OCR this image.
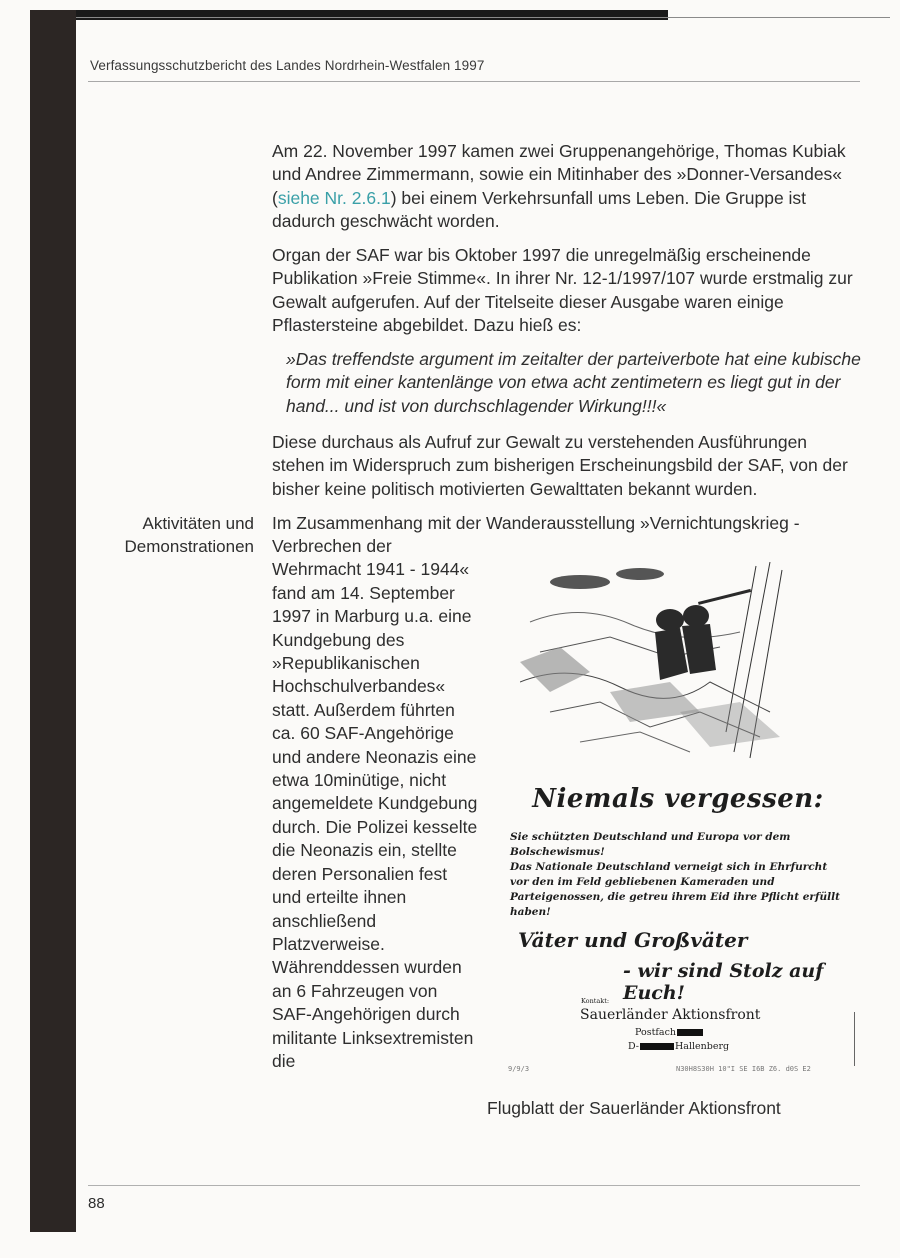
Verfassungsschutzbericht des Landes Nordrhein-Westfalen 1997

Am 22. November 1997 kamen zwei Gruppenangehörige, Thomas Kubiak und Andree Zimmermann, sowie ein Mitinhaber des »Donner-Versandes« (siehe Nr. 2.6.1) bei einem Verkehrsunfall ums Leben. Die Gruppe ist dadurch geschwächt worden.

Organ der SAF war bis Oktober 1997 die unregelmäßig erscheinende Publikation »Freie Stimme«. In ihrer Nr. 12-1/1997/107 wurde erstmalig zur Gewalt aufgerufen. Auf der Titelseite dieser Ausgabe waren einige Pflastersteine abgebildet. Dazu hieß es:

»Das treffendste argument im zeitalter der parteiverbote hat eine kubische form mit einer kantenlänge von etwa acht zentimetern es liegt gut in der hand... und ist von durchschlagender Wirkung!!!«

Diese durchaus als Aufruf zur Gewalt zu verstehenden Ausführungen stehen im Widerspruch zum bisherigen Erscheinungsbild der SAF, von der bisher keine politisch motivierten Gewalttaten bekannt wurden.

Im Zusammenhang mit der Wanderausstellung »Vernichtungskrieg -

Verbrechen der Wehrmacht 1941 - 1944« fand am 14. September 1997 in Marburg u.a. eine Kundgebung des »Republikanischen Hochschulverbandes« statt. Außerdem führten ca. 60 SAF-Angehörige und andere Neonazis eine etwa 10minütige, nicht angemeldete Kundgebung durch. Die Polizei kesselte die Neonazis ein, stellte deren Personalien fest und erteilte ihnen anschließend Platzverweise. Währenddessen wurden an 6 Fahrzeugen von SAF-Angehörigen durch militante Linksextremisten die

Aktivitäten und
Demonstrationen
Niemals vergessen:
Sie schützten Deutschland und Europa vor dem Bolschewismus!
Das Nationale Deutschland verneigt sich in Ehrfurcht vor den im Feld gebliebenen Kameraden und Parteigenossen, die getreu ihrem Eid ihre Pflicht erfüllt haben!
Väter und Großväter
- wir sind Stolz auf Euch!
Kontakt:
Sauerländer Aktionsfront
Postfach
D-	Hallenberg
9/9/3	N30H8S30H 10"I SE I6B Z6. d0S E2
Flugblatt der Sauerländer Aktionsfront
88
